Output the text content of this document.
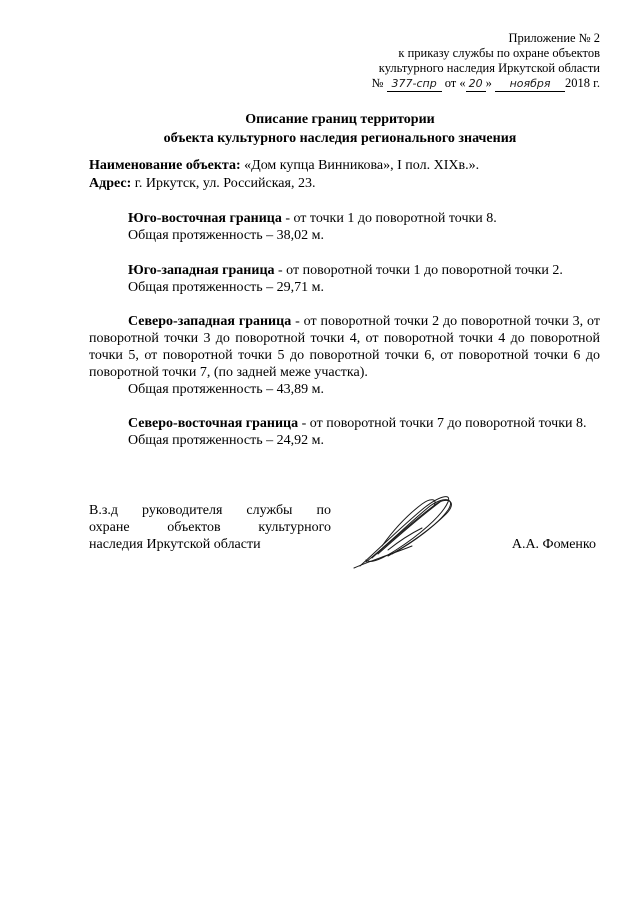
Приложение № 2
к приказу службы по охране объектов
культурного наследия Иркутской области
№ 377-спр от « 20 » ноября 2018 г.
Описание границ территории
объекта культурного наследия регионального значения
Наименование объекта: «Дом купца Винникова», I пол. XIXв.».
Адрес: г. Иркутск, ул. Российская, 23.

Юго-восточная граница - от точки 1 до поворотной точки 8.

Общая протяженность – 38,02 м.

Юго-западная граница - от поворотной точки 1 до поворотной точки 2.

Общая протяженность – 29,71 м.

Северо-западная граница - от поворотной точки 2 до поворотной точки 3, от поворотной точки 3 до поворотной точки 4, от поворотной точки 4 до поворотной точки 5, от поворотной точки 5 до поворотной точки 6, от поворотной точки 6 до поворотной точки 7, (по задней меже участка).

Общая протяженность – 43,89 м.

Северо-восточная граница - от поворотной точки 7 до поворотной точки 8.

Общая протяженность – 24,92 м.

В.з.д руководителя службы по
охране объектов культурного
наследия Иркутской области	А.А. Фоменко
